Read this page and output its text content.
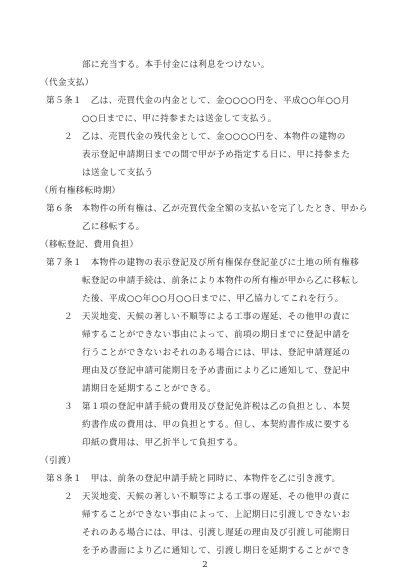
部に充当する。本手付金には利息をつけない。

（代金支払）

第５条１　乙は、売買代金の内金として、金○○○○円を、平成○○年○○月

○○日までに、甲に持参または送金して支払う。

２　乙は、売買代金の残代金として、金○○○○円を、本物件の建物の

表示登記申請期日までの間で甲が予め指定する日に、甲に持参また

は送金して支払う

（所有権移転時期）

第６条　本物件の所有権は、乙が売買代金全額の支払いを完了したとき、甲から

乙に移転する。

（移転登記、費用負担）

第７条１　本物件の建物の表示登記及び所有権保存登記並びに土地の所有権移

転登記の申請手続は、前条により本物件の所有権が甲から乙に移転し

た後、平成○○年○○月○○日までに、甲乙協力してこれを行う。

２　天災地変、天候の著しい不順等による工事の遅延、その他甲の責に

帰することができない事由によって、前項の期日までに登記申請を

行うことができないおそれのある場合には、甲は、登記申請遅延の

理由及び登記申請可能期日を予め書面により乙に通知して、登記申

請期日を延期することができる。

３　第１項の登記申請手続の費用及び登記免許税は乙の負担とし、本契

約書作成の費用は、甲の負担とする。但し、本契約書作成に要する

印紙の費用は、甲乙折半して負担する。

（引渡）

第８条１　甲は、前条の登記申請手続と同時に、本物件を乙に引き渡す。

２　天災地変、天候の著しい不順等による工事の遅延、その他甲の責に

帰することができない事由によって、上記期日に引渡しできないお

それのある場合には、甲は、引渡し遅延の理由及び引渡し可能期日

を予め書面により乙に通知して、引渡し期日を延期することができ

2
